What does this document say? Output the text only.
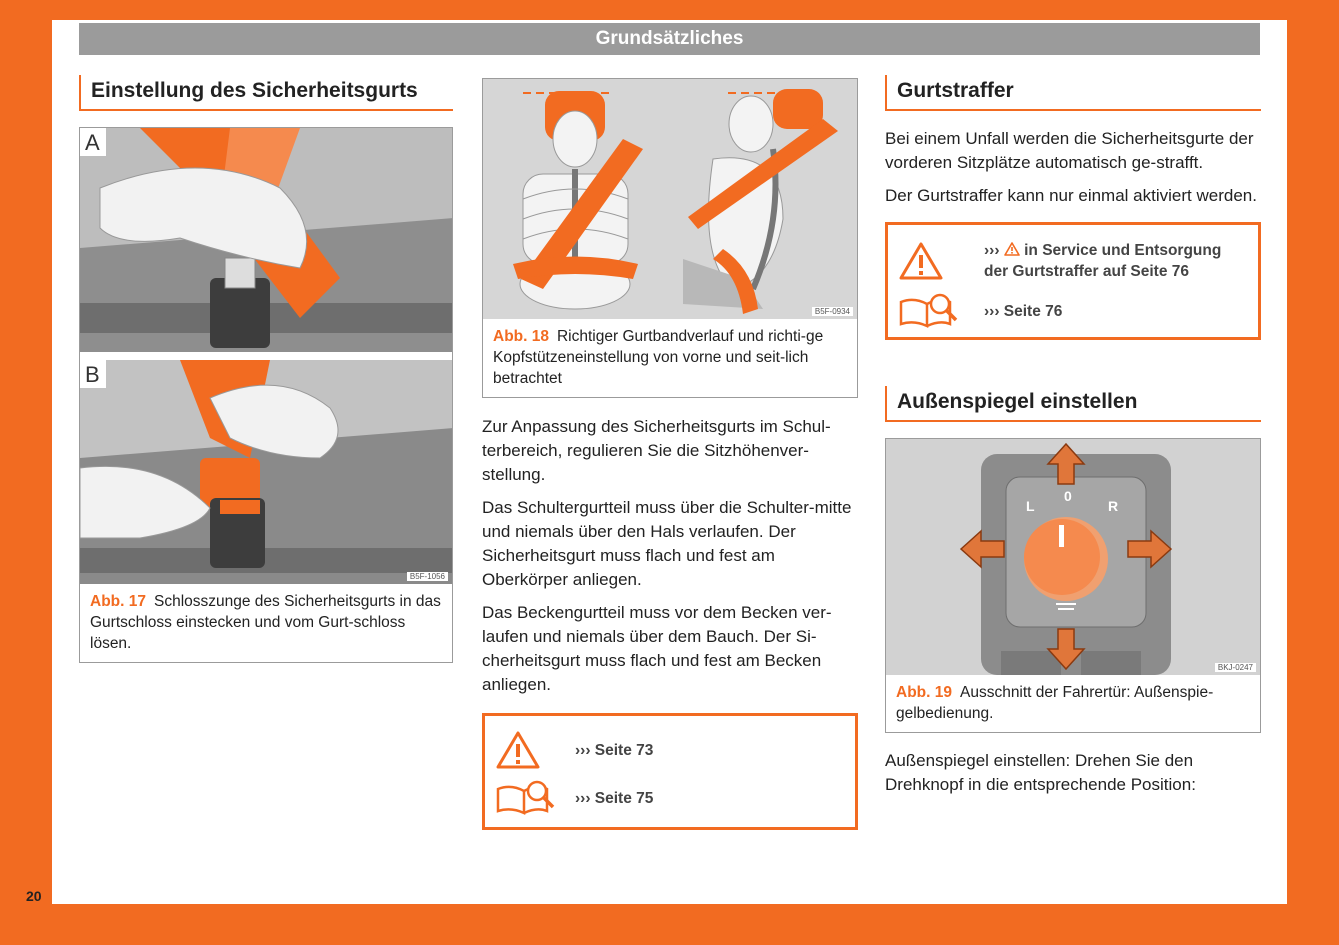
Grundsätzliches
Einstellung des Sicherheitsgurts
A
B
B5F-1056
Abb. 17 Schlosszunge des Sicherheitsgurts in das Gurtschloss einstecken und vom Gurt-schloss lösen.
B5F-0934
Abb. 18 Richtiger Gurtbandverlauf und richti-ge Kopfstützeneinstellung von vorne und seit-lich betrachtet

Zur Anpassung des Sicherheitsgurts im Schul-terbereich, regulieren Sie die Sitzhöhenver-stellung.

Das Schultergurtteil muss über die Schulter-mitte und niemals über den Hals verlaufen. Der Sicherheitsgurt muss flach und fest am Oberkörper anliegen.

Das Beckengurtteil muss vor dem Becken ver-laufen und niemals über dem Bauch. Der Si-cherheitsgurt muss flach und fest am Becken anliegen.

››› Seite 73
››› Seite 75
Gurtstraffer

Bei einem Unfall werden die Sicherheitsgurte der vorderen Sitzplätze automatisch ge-strafft.

Der Gurtstraffer kann nur einmal aktiviert werden.

››› in Service und Entsorgung der Gurtstraffer auf Seite 76
››› Seite 76
Außenspiegel einstellen
L
0
R
BKJ-0247
Abb. 19 Ausschnitt der Fahrertür: Außenspie-gelbedienung.

Außenspiegel einstellen: Drehen Sie den Drehknopf in die entsprechende Position:

20
